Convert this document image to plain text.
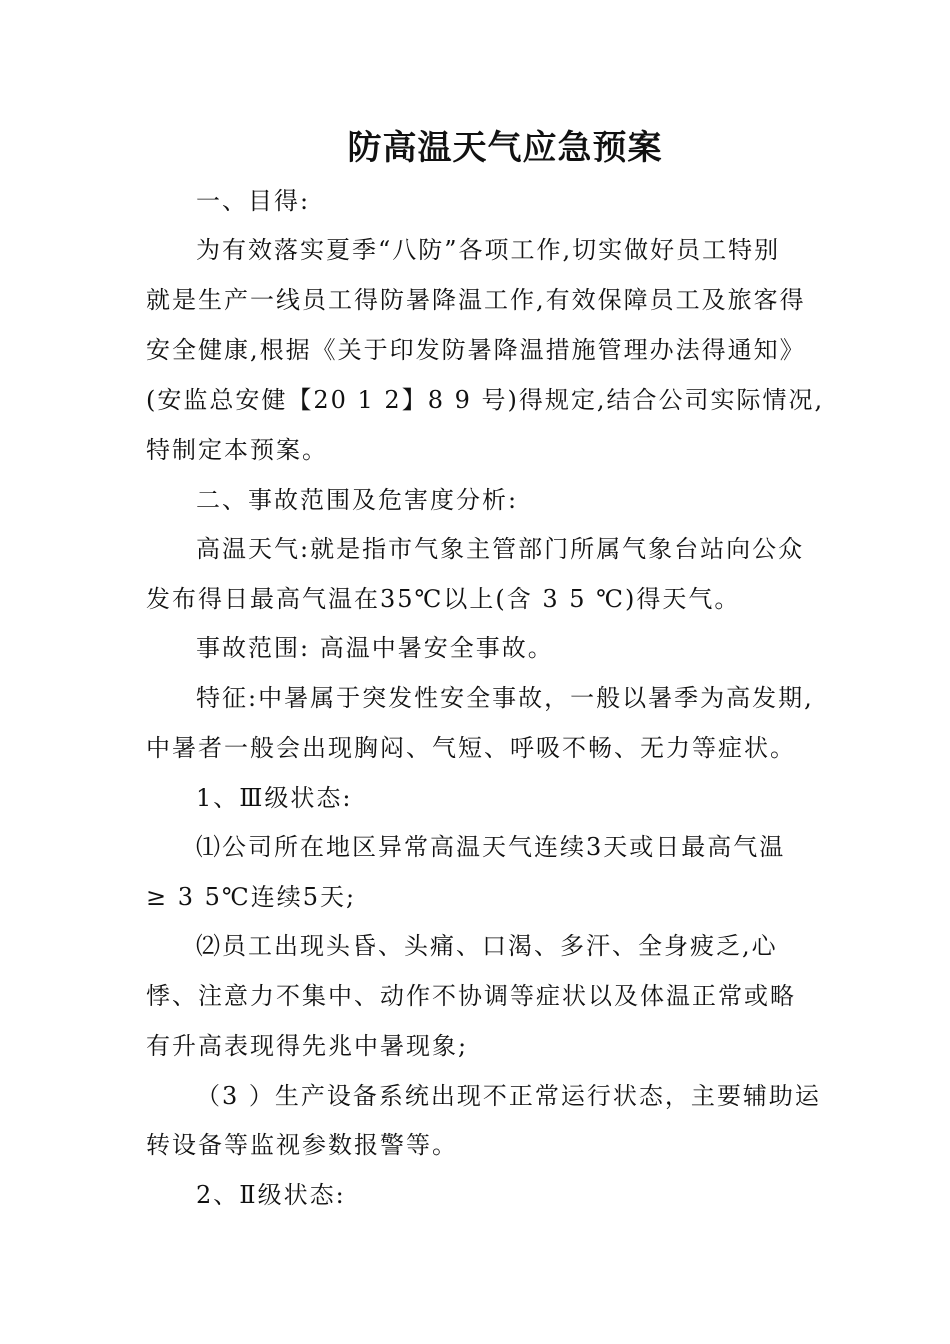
防高温天气应急预案
一、目得:
为有效落实夏季“八防”各项工作,切实做好员工特别
就是生产一线员工得防暑降温工作,有效保障员工及旅客得
安全健康,根据《关于印发防暑降温措施管理办法得通知》
(安监总安健【20 1 2】8 9 号)得规定,结合公司实际情况,
特制定本预案。
二、事故范围及危害度分析:
高温天气:就是指市气象主管部门所属气象台站向公众
发布得日最高气温在35℃以上(含 3 5 ℃)得天气。
事故范围: 高温中暑安全事故。
特征:中暑属于突发性安全事故，一般以暑季为高发期,
中暑者一般会出现胸闷、气短、呼吸不畅、无力等症状。
1、Ⅲ级状态:
⑴公司所在地区异常高温天气连续3天或日最高气温
≥ 3 5℃连续5天;
⑵员工出现头昏、头痛、口渴、多汗、全身疲乏,心
悸、注意力不集中、动作不协调等症状以及体温正常或略
有升高表现得先兆中暑现象;
（3 ）生产设备系统出现不正常运行状态，主要辅助运
转设备等监视参数报警等。
2、Ⅱ级状态:
